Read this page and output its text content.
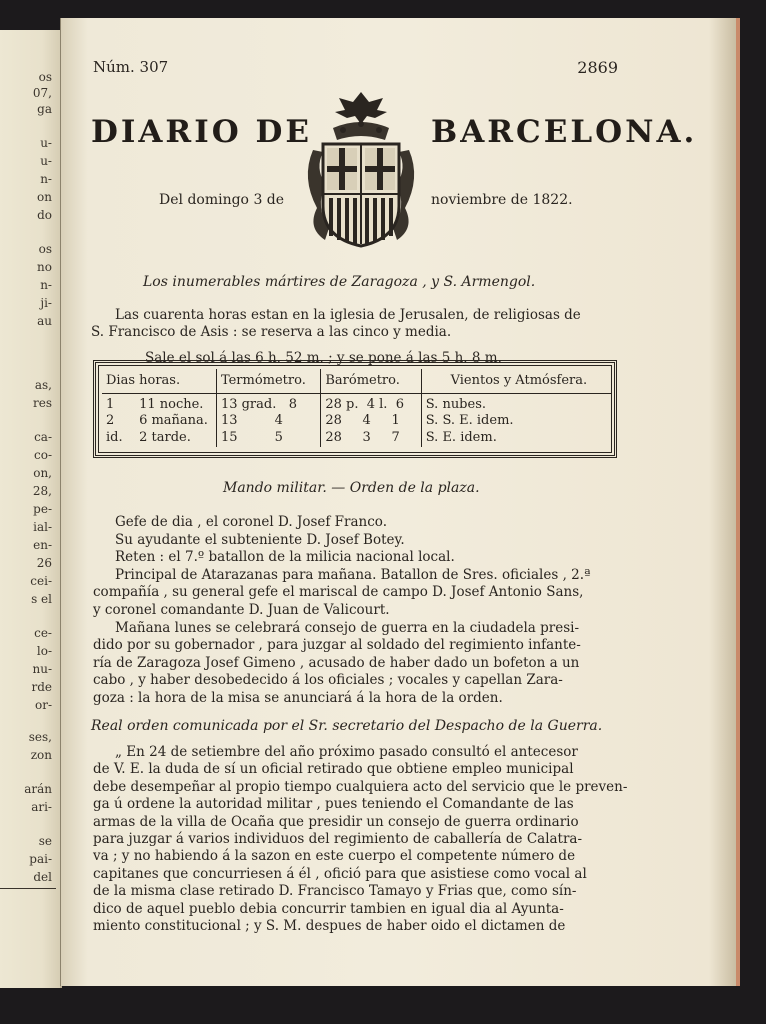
os
07,
ga
u-
u-
n-
on
do
os
no
n-
ji-
au
as,
res
ca-
co-
on,
28,
pe-
ial-
en-
26
cei-
s el
ce-
lo-
nu-
rde
or-
ses,
zon
arán
ari-
se
pai-
del
Núm. 307	2869
DIARIO DE	BARCELONA.
Del domingo 3 de	noviembre de 1822.
Los inumerables mártires de Zaragoza , y S. Armengol.
Las cuarenta horas estan en la iglesia de Jerusalen, de religiosas de
S. Francisco de Asis : se reserva a las cinco y media.
Sale el sol á las 6 h. 52 m. ; y se pone á las 5 h. 8 m.
Dias horas.	Termómetro.	Barómetro.	Vientos y Atmósfera.
1      11 noche.	13 grad.   8	28 p.  4 l.  6	S. nubes.
2      6 mañana.	13         4	28     4     1	S. S. E. idem.
id.    2 tarde.	15         5	28     3     7	S. E. idem.
Mando militar. — Orden de la plaza.
Gefe de dia , el coronel D. Josef Franco.
Su ayudante el subteniente D. Josef Botey.
Reten : el 7.º batallon de la milicia nacional local.
Principal de Atarazanas para mañana. Batallon de Sres. oficiales , 2.ª
compañía , su general gefe el mariscal de campo D. Josef Antonio Sans,
y coronel comandante D. Juan de Valicourt.
Mañana lunes se celebrará consejo de guerra en la ciudadela presi-
dido por su gobernador , para juzgar al soldado del regimiento infante-
ría de Zaragoza Josef Gimeno , acusado de haber dado un bofeton a un
cabo , y haber desobedecido á los oficiales ; vocales y capellan Zara-
goza : la hora de la misa se anunciará á la hora de la orden.
Real orden comunicada por el Sr. secretario del Despacho de la Guerra.
„ En 24 de setiembre del año próximo pasado consultó el antecesor
de V. E. la duda de sí un oficial retirado que obtiene empleo municipal
debe desempeñar al propio tiempo cualquiera acto del servicio que le preven-
ga ú ordene la autoridad militar , pues teniendo el Comandante de las
armas de la villa de Ocaña que presidir un consejo de guerra ordinario
para juzgar á varios individuos del regimiento de caballería de Calatra-
va ; y no habiendo á la sazon en este cuerpo el competente número de
capitanes que concurriesen á él , ofició para que asistiese como vocal al
de la misma clase retirado D. Francisco Tamayo y Frias que, como sín-
dico de aquel pueblo debia concurrir tambien en igual dia al Ayunta-
miento constitucional ; y S. M. despues de haber oido el dictamen de
